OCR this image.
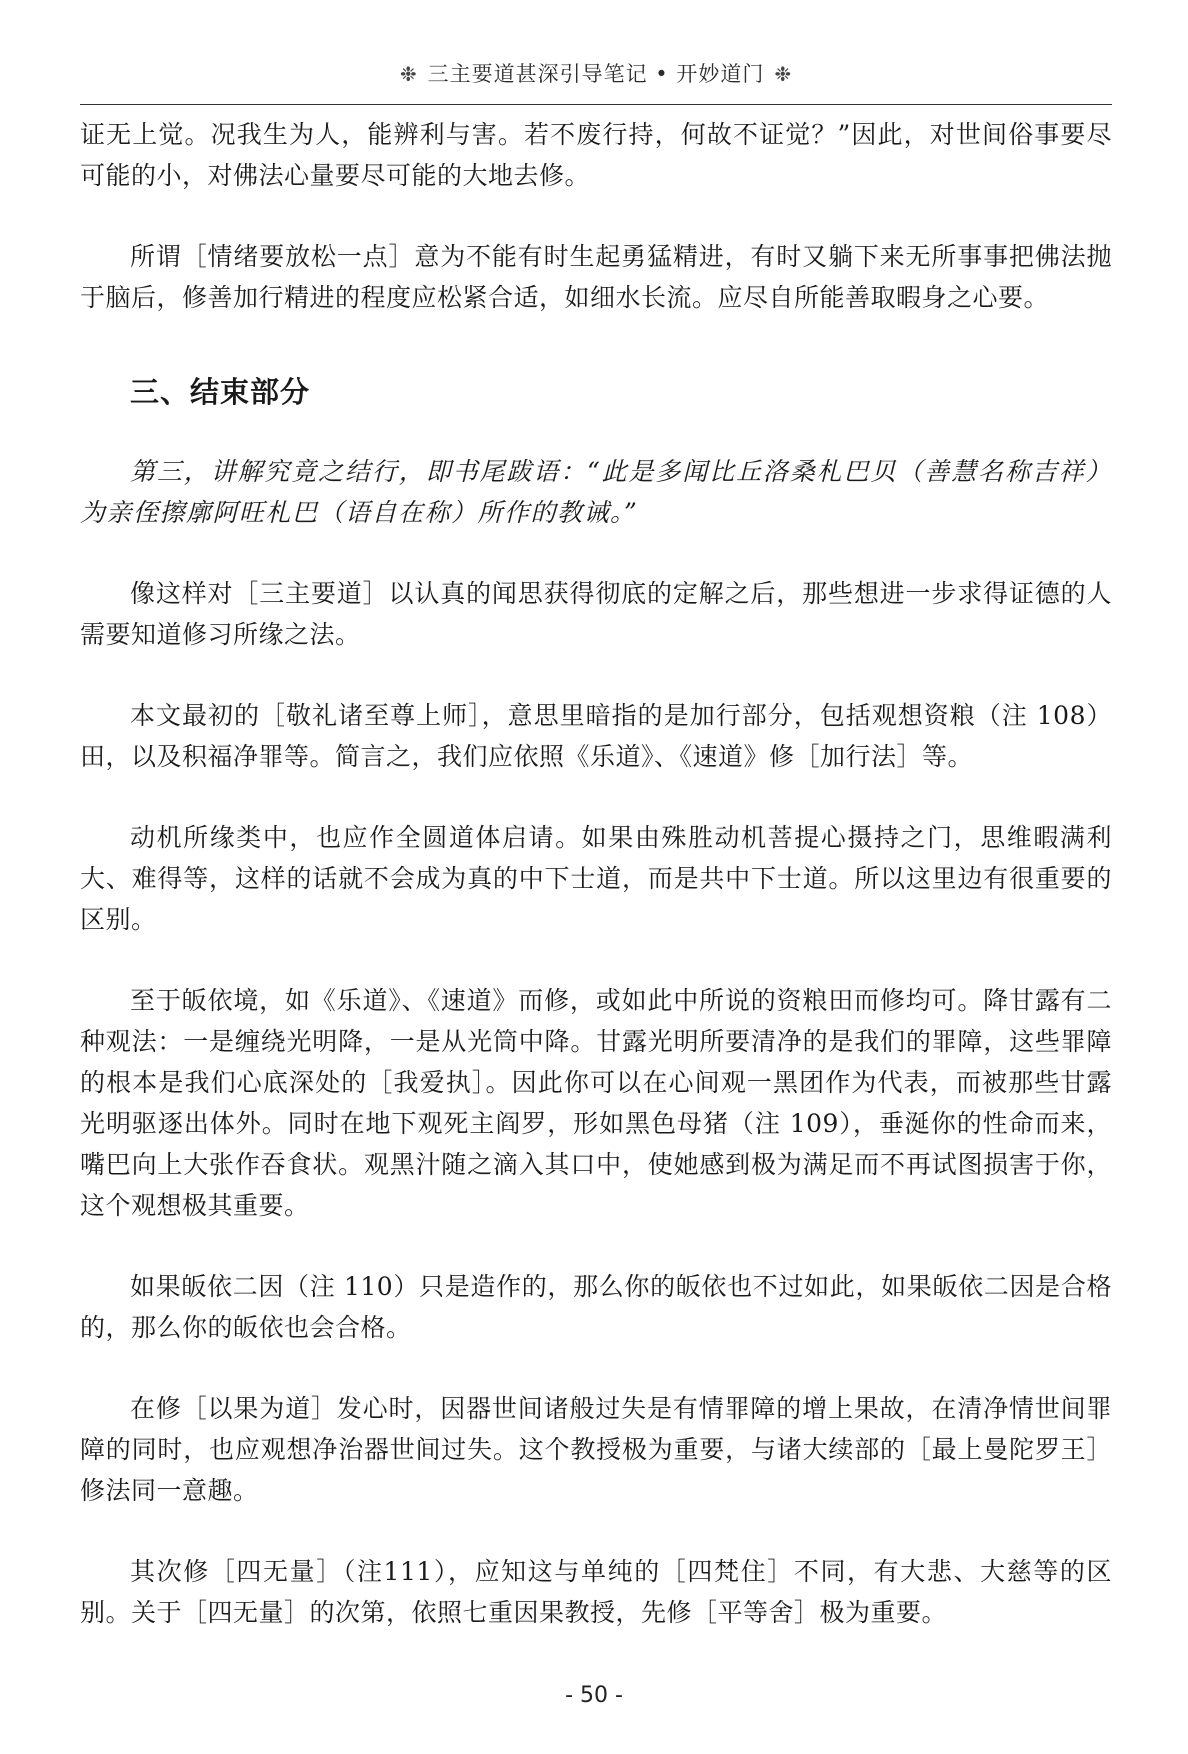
❉ 三主要道甚深引导笔记 • 开妙道门 ❉

证无上觉。况我生为人，能辨利与害。若不废行持，何故不证觉？”因此，对世间俗事要尽可能的小，对佛法心量要尽可能的大地去修。

所谓［情绪要放松一点］意为不能有时生起勇猛精进，有时又躺下来无所事事把佛法抛于脑后，修善加行精进的程度应松紧合适，如细水长流。应尽自所能善取暇身之心要。

三、结束部分

第三，讲解究竟之结行，即书尾跋语：“此是多闻比丘洛桑札巴贝（善慧名称吉祥）为亲侄擦廓阿旺札巴（语自在称）所作的教诫。”

像这样对［三主要道］以认真的闻思获得彻底的定解之后，那些想进一步求得证德的人需要知道修习所缘之法。

本文最初的［敬礼诸至尊上师］，意思里暗指的是加行部分，包括观想资粮（注 108）田，以及积福净罪等。简言之，我们应依照《乐道》、《速道》修［加行法］等。

动机所缘类中，也应作全圆道体启请。如果由殊胜动机菩提心摄持之门，思维暇满利大、难得等，这样的话就不会成为真的中下士道，而是共中下士道。所以这里边有很重要的区别。

至于皈依境，如《乐道》、《速道》而修，或如此中所说的资粮田而修均可。降甘露有二种观法：一是缠绕光明降，一是从光筒中降。甘露光明所要清净的是我们的罪障，这些罪障的根本是我们心底深处的［我爱执］。因此你可以在心间观一黑团作为代表，而被那些甘露光明驱逐出体外。同时在地下观死主阎罗，形如黑色母猪（注 109），垂涎你的性命而来，嘴巴向上大张作吞食状。观黑汁随之滴入其口中，使她感到极为满足而不再试图损害于你，这个观想极其重要。

如果皈依二因（注 110）只是造作的，那么你的皈依也不过如此，如果皈依二因是合格的，那么你的皈依也会合格。

在修［以果为道］发心时，因器世间诸般过失是有情罪障的增上果故，在清净情世间罪障的同时，也应观想净治器世间过失。这个教授极为重要，与诸大续部的［最上曼陀罗王］修法同一意趣。

其次修［四无量］（注111），应知这与单纯的［四梵住］不同，有大悲、大慈等的区别。关于［四无量］的次第，依照七重因果教授，先修［平等舍］极为重要。

- 50 -
